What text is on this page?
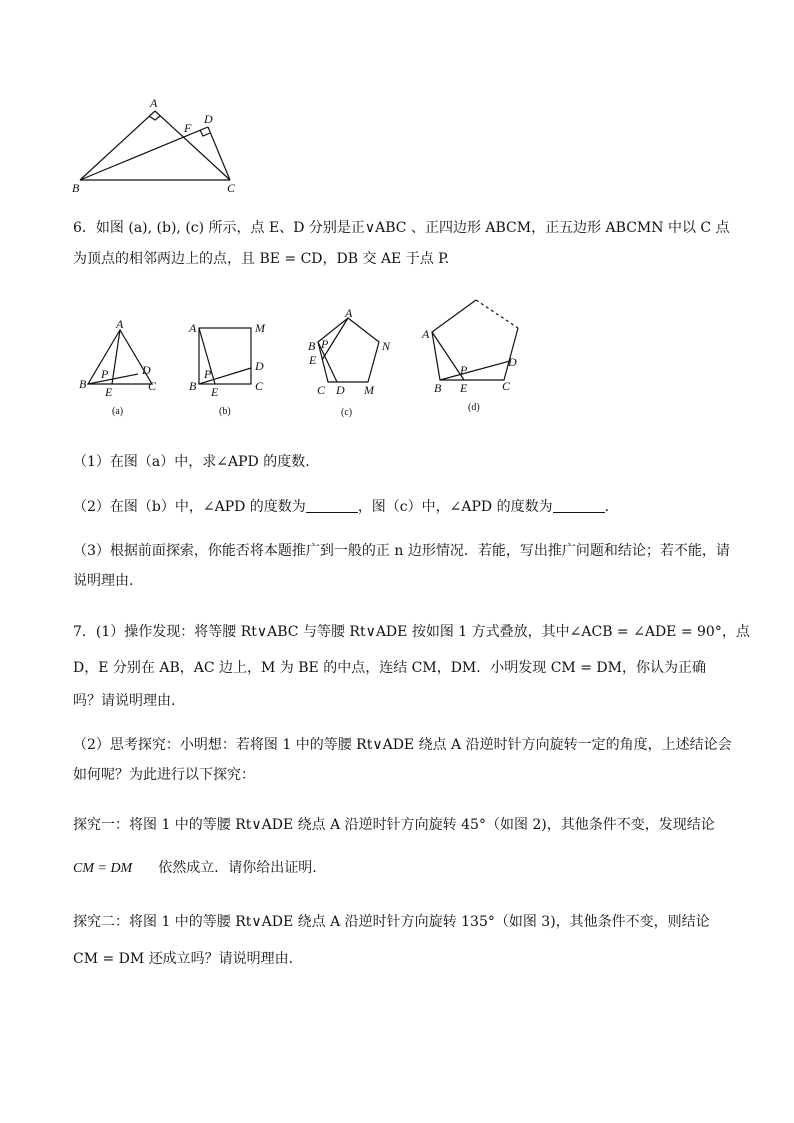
A
D
F
B	C
6．如图 (a), (b), (c) 所示，点 E、D 分别是正∨ABC 、正四边形 ABCM，正五边形 ABCMN 中以 C 点
为顶点的相邻两边上的点，且 BE = CD，DB 交 AE 于点 P.
A
B	C
D
E
P
(a)
A	M
B	C
D
E
P
(b)
A
N
B P
E
C D M
(c)
A
B	C
D
E
P
(d)
（1）在图（a）中，求∠APD 的度数.
（2）在图（b）中，∠APD 的度数为	，图（c）中，∠APD 的度数为	.
（3）根据前面探索，你能否将本题推广到一般的正 n 边形情况．若能，写出推广问题和结论；若不能，请
说明理由.
7．(1）操作发现：将等腰 Rt∨ABC 与等腰 Rt∨ADE 按如图 1 方式叠放，其中∠ACB = ∠ADE = 90°，点
D，E 分别在 AB，AC 边上，M 为 BE 的中点，连结 CM，DM．小明发现 CM = DM，你认为正确
吗？请说明理由.
（2）思考探究：小明想：若将图 1 中的等腰 Rt∨ADE 绕点 A 沿逆时针方向旋转一定的角度，上述结论会
如何呢？为此进行以下探究：
探究一：将图 1 中的等腰 Rt∨ADE 绕点 A 沿逆时针方向旋转 45°（如图 2)，其他条件不变，发现结论
CM = DM 依然成立．请你给出证明.
探究二：将图 1 中的等腰 Rt∨ADE 绕点 A 沿逆时针方向旋转 135°（如图 3)，其他条件不变，则结论
CM = DM 还成立吗？请说明理由.
